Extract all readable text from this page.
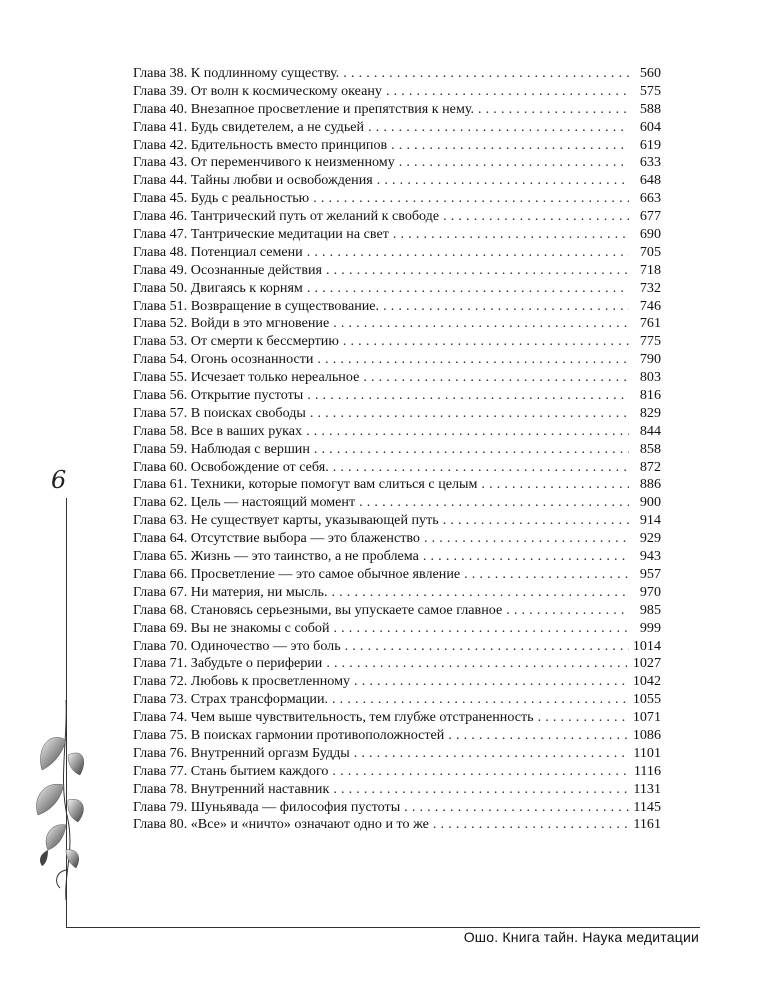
6
Ошо. Книга тайн. Наука медитации
Глава 38. К подлинному существу. . . .	560
Глава 39. От волн к космическому океану . . .	575
Глава 40. Внезапное просветление и препятствия к нему. . . .	588
Глава 41. Будь свидетелем, а не судьей . . .	604
Глава 42. Бдительность вместо принципов . . .	619
Глава 43. От переменчивого к неизменному . . .	633
Глава 44. Тайны любви и освобождения . . .	648
Глава 45. Будь с реальностью . . .	663
Глава 46. Тантрический путь от желаний к свободе . . .	677
Глава 47. Тантрические медитации на свет . . .	690
Глава 48. Потенциал семени . . .	705
Глава 49. Осознанные действия . . .	718
Глава 50. Двигаясь к корням . . .	732
Глава 51. Возвращение в существование. . . .	746
Глава 52. Войди в это мгновение . . .	761
Глава 53. От смерти к бессмертию . . .	775
Глава 54. Огонь осознанности . . .	790
Глава 55. Исчезает только нереальное . . .	803
Глава 56. Открытие пустоты . . .	816
Глава 57. В поисках свободы . . .	829
Глава 58. Все в ваших руках . . .	844
Глава 59. Наблюдая с вершин . . .	858
Глава 60. Освобождение от себя. . . .	872
Глава 61. Техники, которые помогут вам слиться с целым . . .	886
Глава 62. Цель — настоящий момент . . .	900
Глава 63. Не существует карты, указывающей путь . . .	914
Глава 64. Отсутствие выбора — это блаженство . . .	929
Глава 65. Жизнь — это таинство, а не проблема . . .	943
Глава 66. Просветление — это самое обычное явление . . .	957
Глава 67. Ни материя, ни мысль. . . .	970
Глава 68. Становясь серьезными, вы упускаете самое главное . . .	985
Глава 69. Вы не знакомы с собой . . .	999
Глава 70. Одиночество — это боль . . .	1014
Глава 71. Забудьте о периферии . . .	1027
Глава 72. Любовь к просветленному . . .	1042
Глава 73. Страх трансформации. . . .	1055
Глава 74. Чем выше чувствительность, тем глубже отстраненность . . .	1071
Глава 75. В поисках гармонии противоположностей . . .	1086
Глава 76. Внутренний оргазм Будды . . .	1101
Глава 77. Стань бытием каждого . . .	1116
Глава 78. Внутренний наставник . . .	1131
Глава 79. Шуньявада — философия пустоты . . .	1145
Глава 80. «Все» и «ничто» означают одно и то же . . .	1161
